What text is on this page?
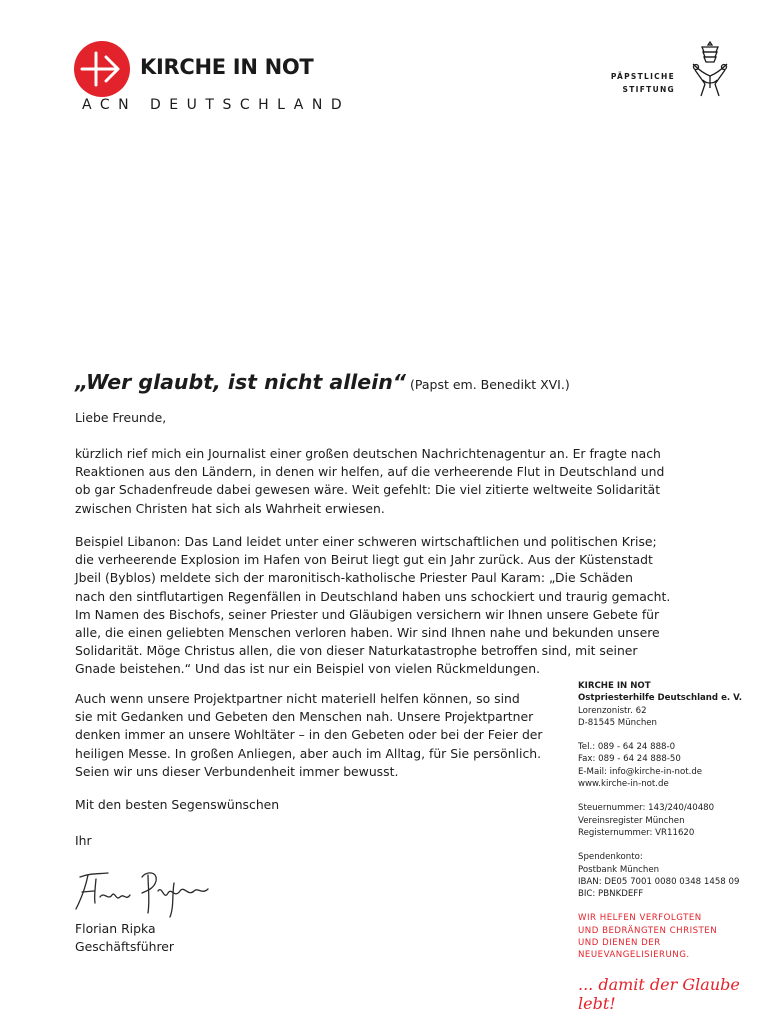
KIRCHE IN NOT
ACN DEUTSCHLAND
PÄPSTLICHE
STIFTUNG
„Wer glaubt, ist nicht allein“ (Papst em. Benedikt XVI.)

Liebe Freunde,

kürzlich rief mich ein Journalist einer großen deutschen Nachrichtenagentur an. Er fragte nach
Reaktionen aus den Ländern, in denen wir helfen, auf die verheerende Flut in Deutschland und
ob gar Schadenfreude dabei gewesen wäre. Weit gefehlt: Die viel zitierte weltweite Solidarität
zwischen Christen hat sich als Wahrheit erwiesen.
Beispiel Libanon: Das Land leidet unter einer schweren wirtschaftlichen und politischen Krise;
die verheerende Explosion im Hafen von Beirut liegt gut ein Jahr zurück. Aus der Küstenstadt
Jbeil (Byblos) meldete sich der maronitisch-katholische Priester Paul Karam: „Die Schäden
nach den sintflutartigen Regenfällen in Deutschland haben uns schockiert und traurig gemacht.
Im Namen des Bischofs, seiner Priester und Gläubigen versichern wir Ihnen unsere Gebete für
alle, die einen geliebten Menschen verloren haben. Wir sind Ihnen nahe und bekunden unsere
Solidarität. Möge Christus allen, die von dieser Naturkatastrophe betroffen sind, mit seiner
Gnade beistehen.“ Und das ist nur ein Beispiel von vielen Rückmeldungen.
Auch wenn unsere Projektpartner nicht materiell helfen können, so sind
sie mit Gedanken und Gebeten den Menschen nah. Unsere Projektpartner
denken immer an unsere Wohltäter – in den Gebeten oder bei der Feier der
heiligen Messe. In großen Anliegen, aber auch im Alltag, für Sie persönlich.
Seien wir uns dieser Verbundenheit immer bewusst.

Mit den besten Segenswünschen

Ihr

Florian Ripka
Geschäftsführer
KIRCHE IN NOT
Ostpriesterhilfe Deutschland e. V.
Lorenzonistr. 62
D-81545 München
Tel.: 089 - 64 24 888-0
Fax: 089 - 64 24 888-50
E-Mail: info@kirche-in-not.de
www.kirche-in-not.de
Steuernummer: 143/240/40480
Vereinsregister München
Registernummer: VR11620
Spendenkonto:
Postbank München
IBAN: DE05 7001 0080 0348 1458 09
BIC: PBNKDEFF
WIR HELFEN VERFOLGTEN
UND BEDRÄNGTEN CHRISTEN
UND DIENEN DER
NEUEVANGELISIERUNG.
... damit der Glaube lebt!
